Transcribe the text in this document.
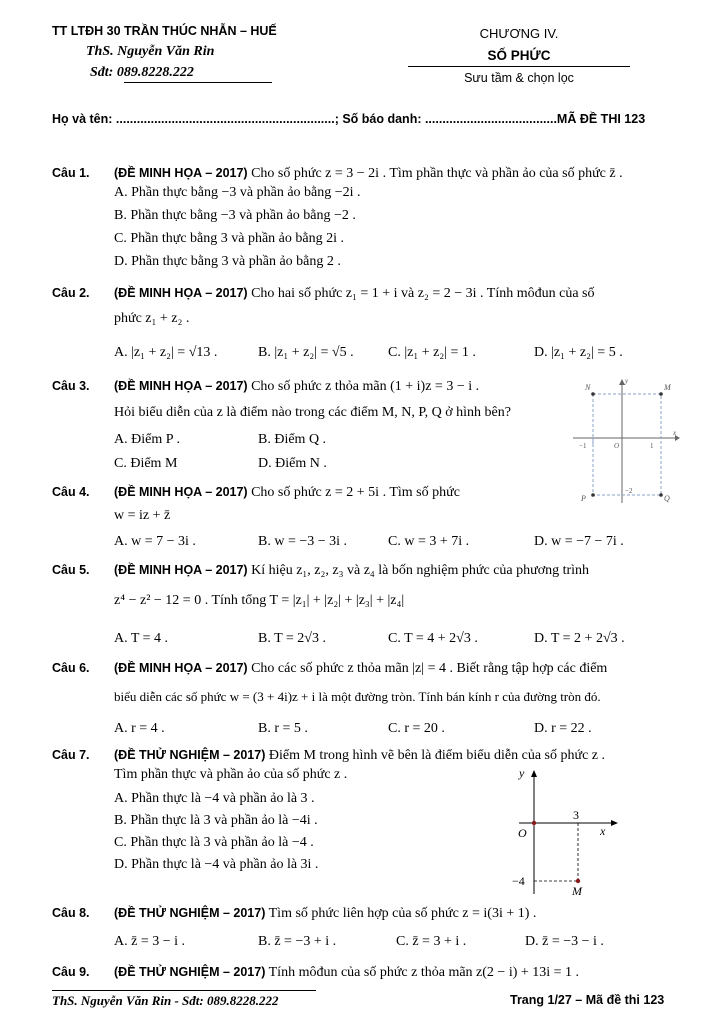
TT LTĐH 30 TRẦN THÚC NHẪN – HUẾ
ThS. Nguyễn Văn Rin
Sđt: 089.8228.222
CHƯƠNG IV.
SỐ PHỨC
Sưu tầm & chọn lọc
Họ và tên: ...............................................................; Số báo danh: ......................................MÃ ĐỀ THI 123
Câu 1.	(ĐỀ MINH HỌA – 2017) Cho số phức z = 3 − 2i . Tìm phần thực và phần ảo của số phức z̄ .
A. Phần thực bằng −3 và phần ảo bằng −2i .
B. Phần thực bằng −3 và phần ảo bằng −2 .
C. Phần thực bằng 3 và phần ảo bằng 2i .
D. Phần thực bằng 3 và phần ảo bằng 2 .
Câu 2.	(ĐỀ MINH HỌA – 2017) Cho hai số phức z₁ = 1 + i và z₂ = 2 − 3i . Tính môđun của số
phức z₁ + z₂ .
A. |z₁ + z₂| = √13 .	B. |z₁ + z₂| = √5 . C. |z₁ + z₂| = 1 .	D. |z₁ + z₂| = 5 .
Câu 3.	(ĐỀ MINH HỌA – 2017) Cho số phức z thỏa mãn (1 + i)z = 3 − i .
Hỏi biểu diễn của z là điểm nào trong các điểm M, N, P, Q ở hình bên?
A. Điểm P .	B. Điểm Q .
C. Điểm M	D. Điểm N .
N	M
P	Q
y
x
O
−1	1
−2
Câu 4.	(ĐỀ MINH HỌA – 2017) Cho số phức z = 2 + 5i . Tìm số phức
w = iz + z̄
A. w = 7 − 3i .	B. w = −3 − 3i .	C. w = 3 + 7i .	D. w = −7 − 7i .
Câu 5.	(ĐỀ MINH HỌA – 2017) Kí hiệu z₁, z₂, z₃ và z₄ là bốn nghiệm phức của phương trình
z⁴ − z² − 12 = 0 . Tính tổng T = |z₁| + |z₂| + |z₃| + |z₄|
A. T = 4 .	B. T = 2√3 .	C. T = 4 + 2√3 .	D. T = 2 + 2√3 .
Câu 6.	(ĐỀ MINH HỌA – 2017) Cho các số phức z thỏa mãn |z| = 4 . Biết rằng tập hợp các điểm
biểu diễn các số phức w = (3 + 4i)z + i là một đường tròn. Tính bán kính r của đường tròn đó.
A. r = 4 .	B. r = 5 .	C. r = 20 .	D. r = 22 .
Câu 7.	(ĐỀ THỬ NGHIỆM – 2017) Điểm M trong hình vẽ bên là điểm biểu diễn của số phức z .
Tìm phần thực và phần ảo của số phức z .
A. Phần thực là −4 và phần ảo là 3 .
B. Phần thực là 3 và phần ảo là −4i .
C. Phần thực là 3 và phần ảo là −4 .
D. Phần thực là −4 và phần ảo là 3i .
y
x
O
3
−4
M
Câu 8.	(ĐỀ THỬ NGHIỆM – 2017) Tìm số phức liên hợp của số phức z = i(3i + 1) .
A. z̄ = 3 − i .	B. z̄ = −3 + i .	C. z̄ = 3 + i .	D. z̄ = −3 − i .
Câu 9.	(ĐỀ THỬ NGHIỆM – 2017) Tính môđun của số phức z thỏa mãn z(2 − i) + 13i = 1 .
ThS. Nguyễn Văn Rin - Sđt: 089.8228.222	Trang 1/27 – Mã đề thi 123
